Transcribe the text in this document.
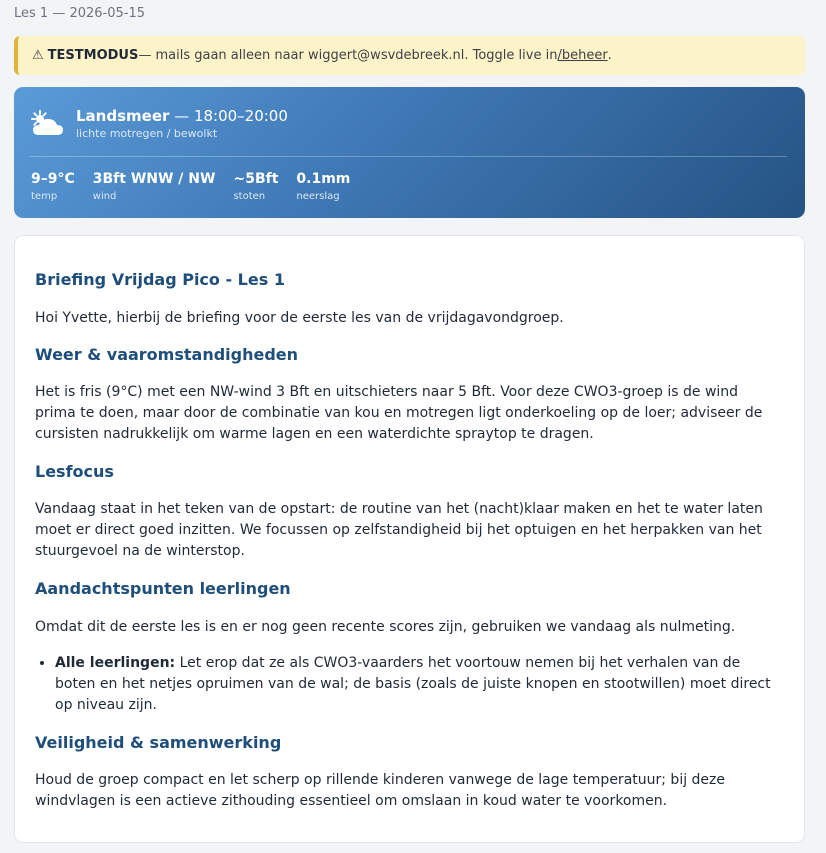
Les 1 — 2026-05-15
⚠ TESTMODUS — mails gaan alleen naar wiggert@wsvdebreek.nl. Toggle live in /beheer .
Landsmeer — 18:00–20:00
lichte motregen / bewolkt
9–9°C
temp
3Bft WNW / NW
wind
~5Bft
stoten
0.1mm
neerslag
Briefing Vrijdag Pico - Les 1

Hoi Yvette, hierbij de briefing voor de eerste les van de vrijdagavondgroep.

Weer & vaaromstandigheden

Het is fris (9°C) met een NW-wind 3 Bft en uitschieters naar 5 Bft. Voor deze CWO3-groep is de wind prima te doen, maar door de combinatie van kou en motregen ligt onderkoeling op de loer; adviseer de cursisten nadrukkelijk om warme lagen en een waterdichte spraytop te dragen.

Lesfocus

Vandaag staat in het teken van de opstart: de routine van het (nacht)klaar maken en het te water laten moet er direct goed inzitten. We focussen op zelfstandigheid bij het optuigen en het herpakken van het stuurgevoel na de winterstop.

Aandachtspunten leerlingen

Omdat dit de eerste les is en er nog geen recente scores zijn, gebruiken we vandaag als nulmeting.

• Alle leerlingen: Let erop dat ze als CWO3-vaarders het voortouw nemen bij het verhalen van de boten en het netjes opruimen van de wal; de basis (zoals de juiste knopen en stootwillen) moet direct op niveau zijn.
Veiligheid & samenwerking

Houd de groep compact en let scherp op rillende kinderen vanwege de lage temperatuur; bij deze windvlagen is een actieve zithouding essentieel om omslaan in koud water te voorkomen.
